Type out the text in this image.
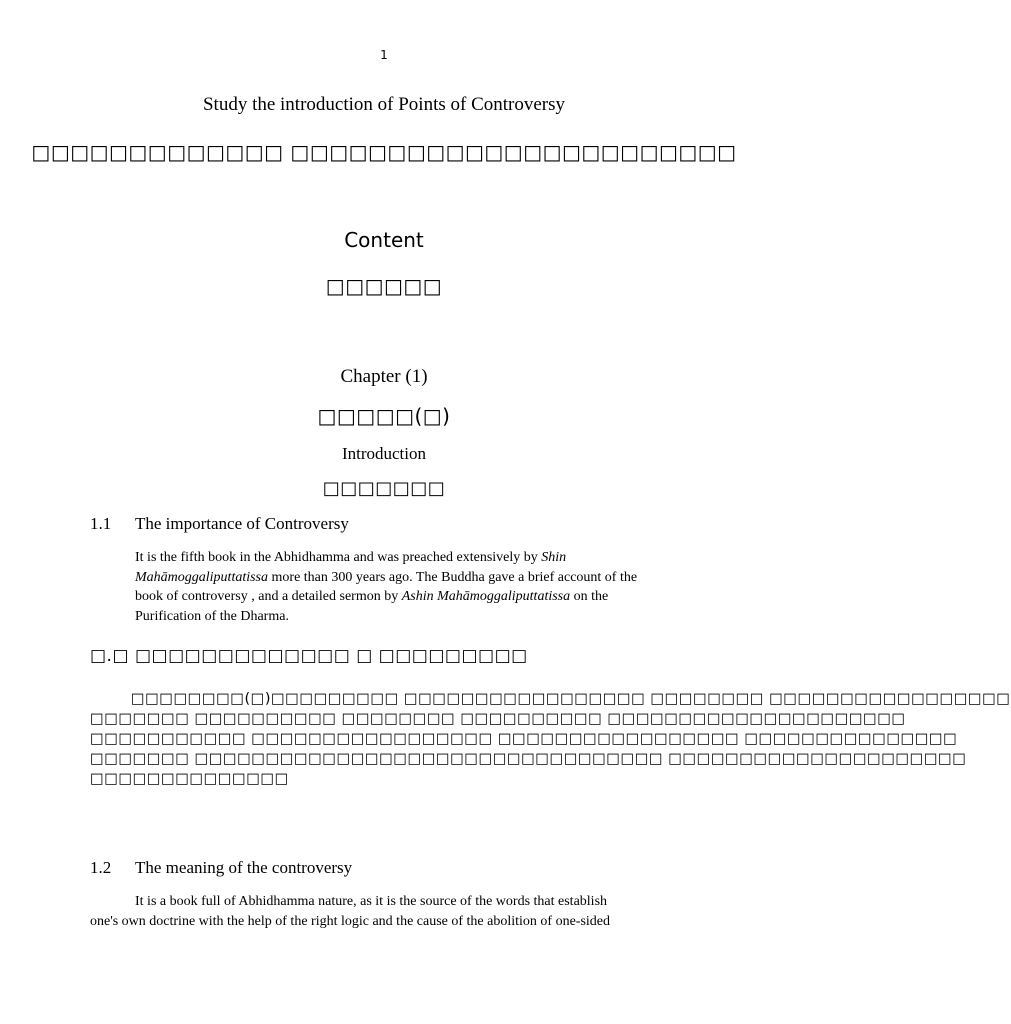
1
Study the introduction of Points of Controversy
□□□□□□□□□□□□□ □□□□□□□□□□□□□□□□□□□□□□□
Content
□□□□□□
Chapter (1)
□□□□□(□)
Introduction
□□□□□□□
1.1 The importance of Controversy
It is the fifth book in the Abhidhamma and was preached extensively by Shin
Mahāmoggaliputtatissa more than 300 years ago. The Buddha gave a brief account of the
book of controversy , and a detailed sermon by Ashin Mahāmoggaliputtatissa on the
Purification of the Dharma.
□.□ □□□□□□□□□□□□□ □ □□□□□□□□□
□□□□□□□□(□)□□□□□□□□□ □□□□□□□□□□□□□□□□□ □□□□□□□□ □□□□□□□□□□□□□□□□□
□□□□□□□ □□□□□□□□□□ □□□□□□□□ □□□□□□□□□□ □□□□□□□□□□□□□□□□□□□□□
□□□□□□□□□□□ □□□□□□□□□□□□□□□□□ □□□□□□□□□□□□□□□□□ □□□□□□□□□□□□□□□
□□□□□□□ □□□□□□□□□□□□□□□□□□□□□□□□□□□□□□□□□ □□□□□□□□□□□□□□□□□□□□□
□□□□□□□□□□□□□□
1.2 The meaning of the controversy
It is a book full of Abhidhamma nature, as it is the source of the words that establish
one's own doctrine with the help of the right logic and the cause of the abolition of one-sided
